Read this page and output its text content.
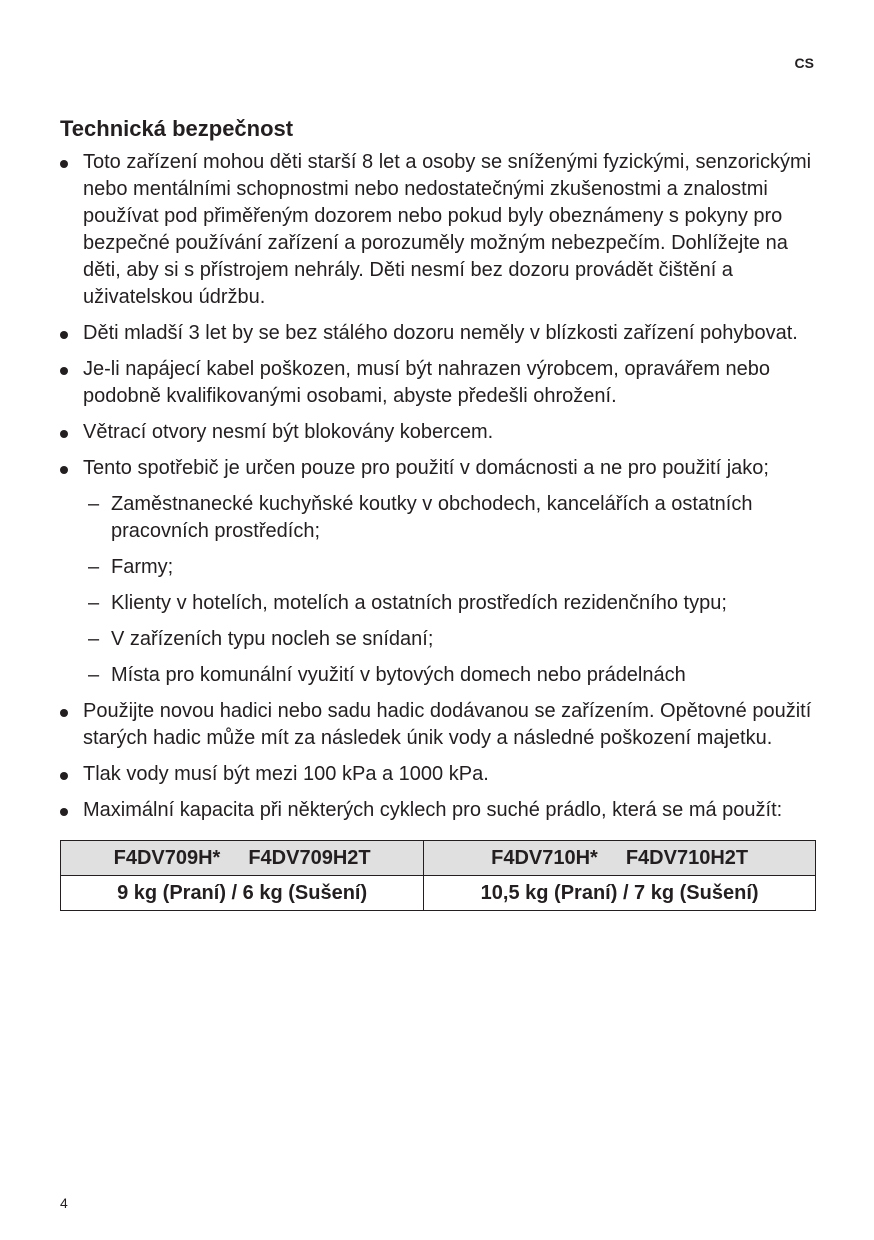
CS
Technická bezpečnost
Toto zařízení mohou děti starší 8 let a osoby se sníženými fyzickými, senzorickými nebo mentálními schopnostmi nebo nedostatečnými zkušenostmi a znalostmi používat pod přiměřeným dozorem nebo pokud byly obeznámeny s pokyny pro bezpečné používání zařízení a porozuměly možným nebezpečím. Dohlížejte na děti, aby si s přístrojem nehrály. Děti nesmí bez dozoru provádět čištění a uživatelskou údržbu.
Děti mladší 3 let by se bez stálého dozoru neměly v blízkosti zařízení pohybovat.
Je-li napájecí kabel poškozen, musí být nahrazen výrobcem, opravářem nebo podobně kvalifikovanými osobami, abyste předešli ohrožení.
Větrací otvory nesmí být blokovány kobercem.
Tento spotřebič je určen pouze pro použití v domácnosti a ne pro použití jako;
– Zaměstnanecké kuchyňské koutky v obchodech, kancelářích a ostatních pracovních prostředích;
– Farmy;
– Klienty v hotelích, motelích a ostatních prostředích rezidenčního typu;
– V zařízeních typu nocleh se snídaní;
– Místa pro komunální využití v bytových domech nebo prádelnách
Použijte novou hadici nebo sadu hadic dodávanou se zařízením. Opětovné použití starých hadic může mít za následek únik vody a následné poškození majetku.
Tlak vody musí být mezi 100 kPa a 1000 kPa.
Maximální kapacita při některých cyklech pro suché prádlo, která se má použít:
F4DV709H* F4DV709H2T	F4DV710H* F4DV710H2T
9 kg (Praní) / 6 kg (Sušení)	10,5 kg (Praní) / 7 kg (Sušení)
4
